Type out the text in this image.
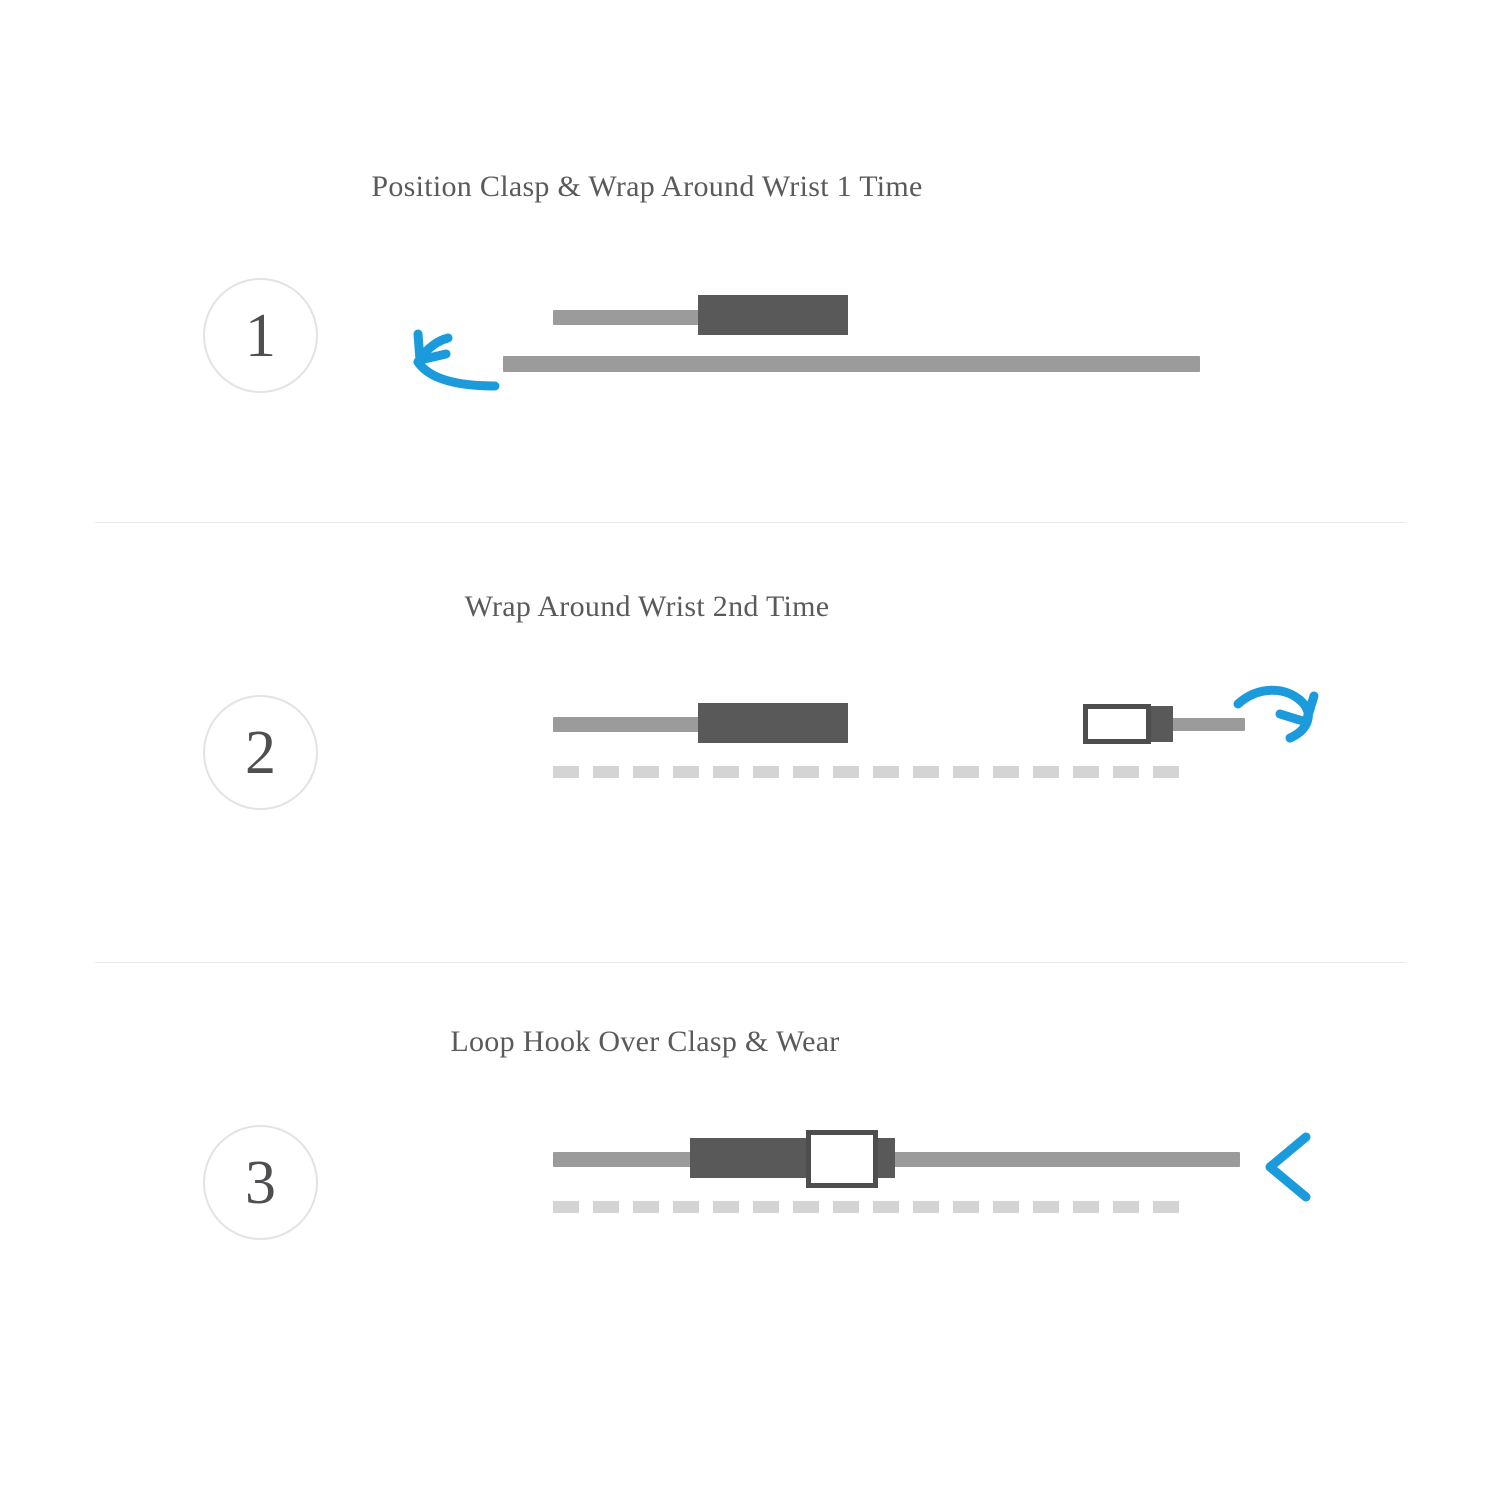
Position Clasp & Wrap Around Wrist 1 Time
1
Wrap Around Wrist 2nd Time
2
Loop Hook Over Clasp & Wear
3
